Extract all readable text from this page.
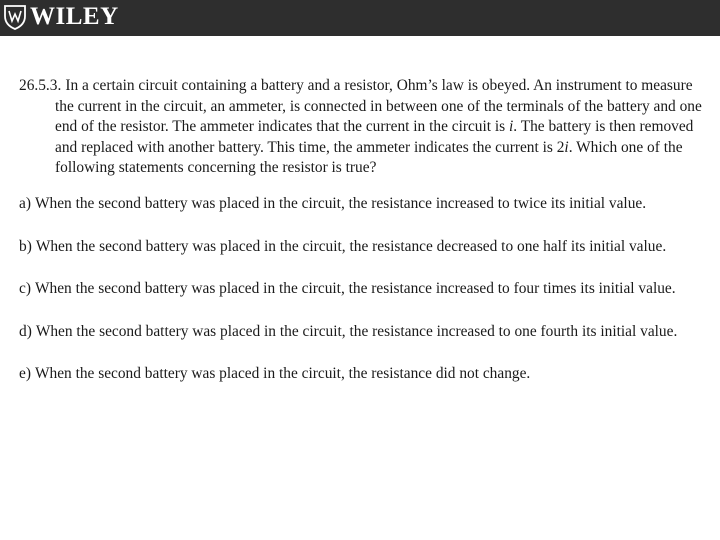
WILEY

26.5.3. In a certain circuit containing a battery and a resistor, Ohm’s law is obeyed. An instrument to measure the current in the circuit, an ammeter, is connected in between one of the terminals of the battery and one end of the resistor. The ammeter indicates that the current in the circuit is i. The battery is then removed and replaced with another battery. This time, the ammeter indicates the current is 2i. Which one of the following statements concerning the resistor is true?

a) When the second battery was placed in the circuit, the resistance increased to twice its initial value.

b) When the second battery was placed in the circuit, the resistance decreased to one half its initial value.

c) When the second battery was placed in the circuit, the resistance increased to four times its initial value.

d) When the second battery was placed in the circuit, the resistance increased to one fourth its initial value.

e) When the second battery was placed in the circuit, the resistance did not change.
